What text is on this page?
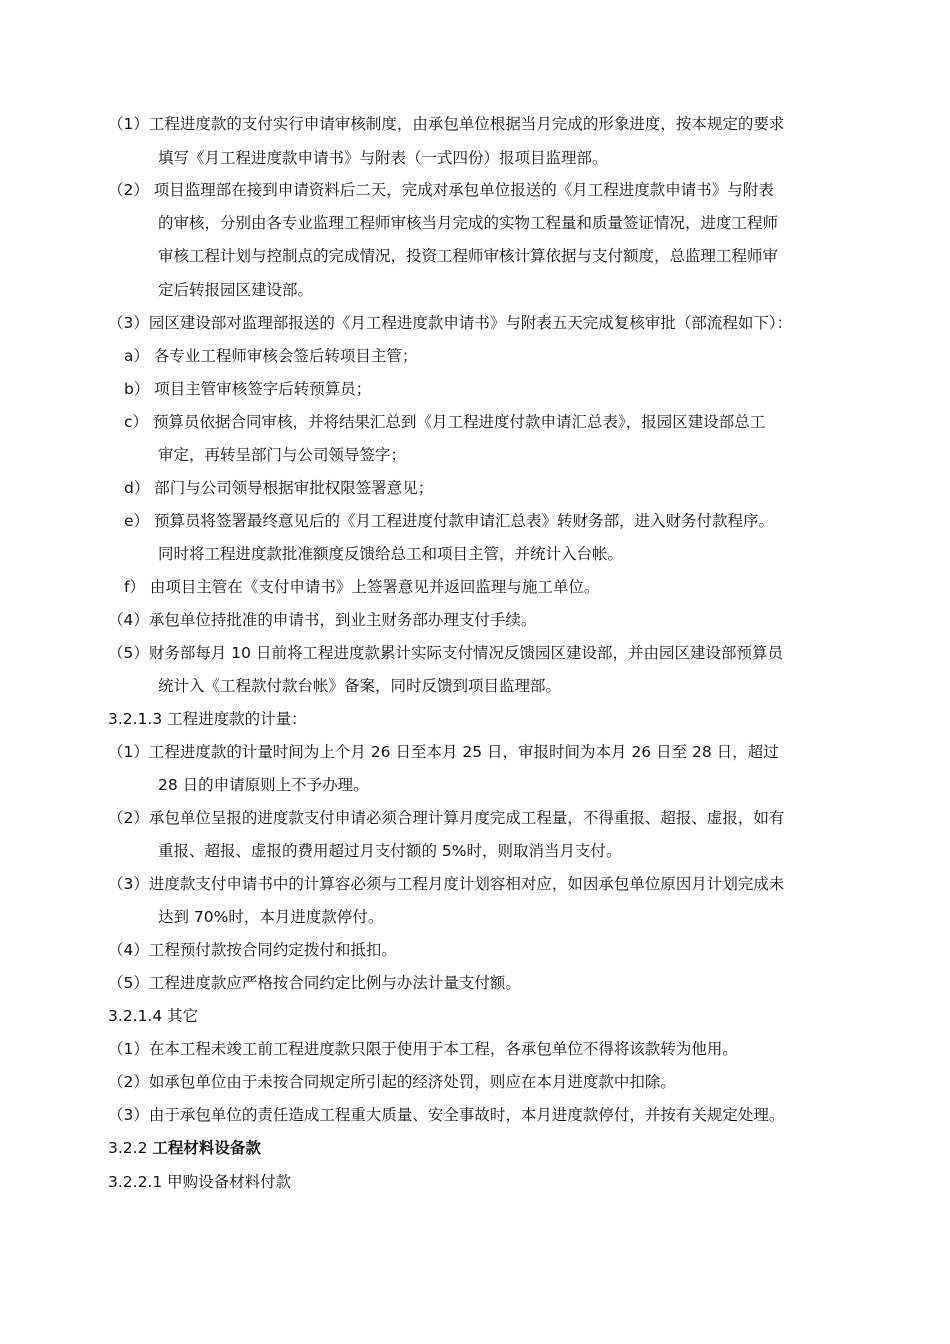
（1）工程进度款的支付实行申请审核制度，由承包单位根据当月完成的形象进度，按本规定的要求
填写《月工程进度款申请书》与附表（一式四份）报项目监理部。
（2） 项目监理部在接到申请资料后二天，完成对承包单位报送的《月工程进度款申请书》与附表
的审核，分别由各专业监理工程师审核当月完成的实物工程量和质量签证情况，进度工程师
审核工程计划与控制点的完成情况，投资工程师审核计算依据与支付额度，总监理工程师审
定后转报园区建设部。
（3）园区建设部对监理部报送的《月工程进度款申请书》与附表五天完成复核审批（部流程如下）：
a） 各专业工程师审核会签后转项目主管；
b） 项目主管审核签字后转预算员；
c） 预算员依据合同审核，并将结果汇总到《月工程进度付款申请汇总表》，报园区建设部总工
审定，再转呈部门与公司领导签字；
d） 部门与公司领导根据审批权限签署意见；
e） 预算员将签署最终意见后的《月工程进度付款申请汇总表》转财务部，进入财务付款程序。
同时将工程进度款批准额度反馈给总工和项目主管，并统计入台帐。
f） 由项目主管在《支付申请书》上签署意见并返回监理与施工单位。
（4）承包单位持批准的申请书，到业主财务部办理支付手续。
（5）财务部每月 10 日前将工程进度款累计实际支付情况反馈园区建设部，并由园区建设部预算员
统计入《工程款付款台帐》备案，同时反馈到项目监理部。
3.2.1.3 工程进度款的计量：
（1）工程进度款的计量时间为上个月 26 日至本月 25 日，审报时间为本月 26 日至 28 日，超过
28 日的申请原则上不予办理。
（2）承包单位呈报的进度款支付申请必须合理计算月度完成工程量，不得重报、超报、虚报，如有
重报、超报、虚报的费用超过月支付额的 5%时，则取消当月支付。
（3）进度款支付申请书中的计算容必须与工程月度计划容相对应，如因承包单位原因月计划完成未
达到 70%时，本月进度款停付。
（4）工程预付款按合同约定拨付和抵扣。
（5）工程进度款应严格按合同约定比例与办法计量支付额。
3.2.1.4 其它
（1）在本工程未竣工前工程进度款只限于使用于本工程，各承包单位不得将该款转为他用。
（2）如承包单位由于未按合同规定所引起的经济处罚，则应在本月进度款中扣除。
（3）由于承包单位的责任造成工程重大质量、安全事故时，本月进度款停付，并按有关规定处理。
3.2.2 工程材料设备款
3.2.2.1 甲购设备材料付款
